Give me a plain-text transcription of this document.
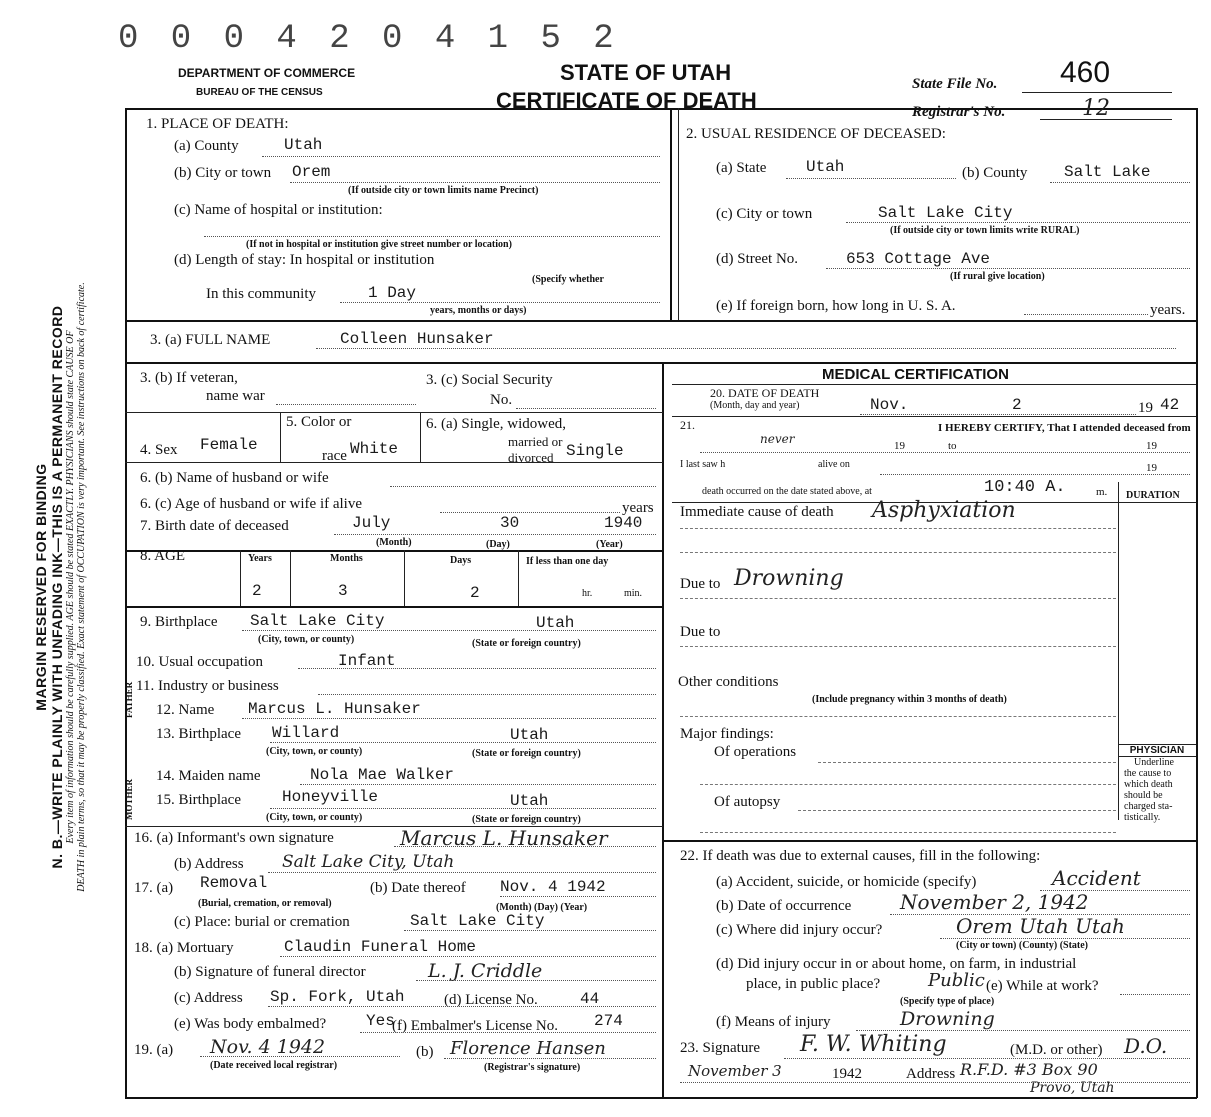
MARGIN RESERVED FOR BINDING N. B.—WRITE PLAINLY WITH UNFADING INK—THIS IS A PERMANENT RECORD Every item of information should be carefully supplied. AGE should be stated EXACTLY. PHYSICIANS should state CAUSE OF DEATH in plain terms, so that it may be properly classified. Exact statement of OCCUPATION is very important. See instructions on back of certificate.
0 0 0 4 2 0 4 1 5 2
DEPARTMENT OF COMMERCE
BUREAU OF THE CENSUS
STATE OF UTAH
CERTIFICATE OF DEATH
State File No. 460
Registrar's No.	12
1. PLACE OF DEATH:
(a) County	Utah
(b) City or town Orem
(If outside city or town limits name Precinct)
(c) Name of hospital or institution:
(If not in hospital or institution give street number or location)
(d) Length of stay: In hospital or institution
(Specify whether
In this community	1 Day
years, months or days)
2. USUAL RESIDENCE OF DECEASED:
(a) State Utah	(b) County Salt Lake
(c) City or town	Salt Lake City
(If outside city or town limits write RURAL)
(d) Street No.	653 Cottage Ave
(If rural give location)
(e) If foreign born, how long in U. S. A.	years.
3. (a) FULL NAME	Colleen Hunsaker
3. (b) If veteran,
name war
3. (c) Social Security
No.
4. Sex Female
5. Color or
race White
6. (a) Single, widowed,
married or
divorced Single
6. (b) Name of husband or wife
6. (c) Age of husband or wife if alive	years
7. Birth date of deceased	July	30	1940
(Month)	(Day)	(Year)
8. AGE	Years	Months	Days	If less than one day
2	3	2	hr.	min.
9. Birthplace Salt Lake City	Utah
(City, town, or county)	(State or foreign country)
10. Usual occupation	Infant
11. Industry or business
FATHER
MOTHER
12. Name Marcus L. Hunsaker
13. Birthplace Willard	Utah
(City, town, or county)	(State or foreign country)
14. Maiden name	Nola Mae Walker
15. Birthplace	Honeyville	Utah
(City, town, or county)	(State or foreign country)
16. (a) Informant's own signature	Marcus L. Hunsaker
(b) Address Salt Lake City, Utah
17. (a) Removal
(Burial, cremation, or removal)
(b) Date thereof Nov. 4 1942
(Month) (Day) (Year)
(c) Place: burial or cremation	Salt Lake City
18. (a) Mortuary	Claudin Funeral Home
(b) Signature of funeral director	L. J. Criddle
(c) Address Sp. Fork, Utah	(d) License No.	44
(e) Was body embalmed? Yes
(f) Embalmer's License No. 274
19. (a) Nov. 4 1942
(Date received local registrar)
(b) Florence Hansen
(Registrar's signature)
MEDICAL CERTIFICATION
20. DATE OF DEATH
(Month, day and year)	Nov.	2	19 42
21.	I HEREBY CERTIFY, That I attended deceased from
never	19	to	19
I last saw h	alive on	19
death occurred on the date stated above, at	10:40 A.	m. DURATION
Immediate cause of death Asphyxiation
Due to Drowning
Due to
Other conditions
(Include pregnancy within 3 months of death)
Major findings:
Of operations
Of autopsy
PHYSICIAN
Underline
the cause to
which death
should be
charged sta-
tistically.
22. If death was due to external causes, fill in the following:
(a) Accident, suicide, or homicide (specify)	Accident
(b) Date of occurrence November 2, 1942
(c) Where did injury occur?	Orem Utah Utah
(City or town) (County) (State)
(d) Did injury occur in or about home, on farm, in industrial
place, in public place?	Public (e) While at work?
(Specify type of place)
(f) Means of injury	Drowning
23. Signature F. W. Whiting	(M.D. or other) D.O.
November 3	1942	Address R.F.D. #3 Box 90
Provo, Utah
